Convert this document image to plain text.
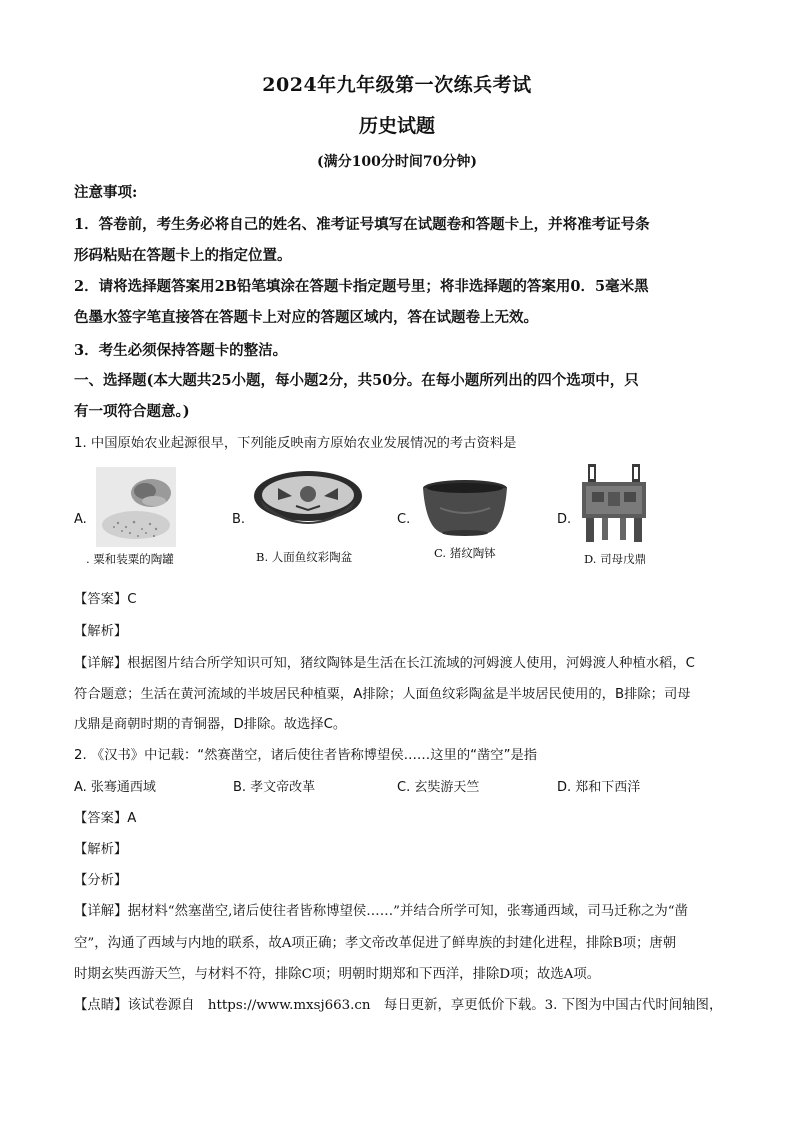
2024年九年级第一次练兵考试
历史试题
(满分100分时间70分钟)
注意事项:
1．答卷前，考生务必将自己的姓名、准考证号填写在试题卷和答题卡上，并将准考证号条
形码粘贴在答题卡上的指定位置。
2．请将选择题答案用2B铅笔填涂在答题卡指定题号里；将非选择题的答案用0．5毫米黑
色墨水签字笔直接答在答题卡上对应的答题区域内，答在试题卷上无效。
3．考生必须保持答题卡的整洁。
一、选择题(本大题共25小题，每小题2分，共50分。在每小题所列出的四个选项中，只
有一项符合题意。)
1. 中国原始农业起源很早，下列能反映南方原始农业发展情况的考古资料是
A.
. 粟和装粟的陶罐
B.
B. 人面鱼纹彩陶盆
C.
C. 猪纹陶钵
D.
D. 司母戊鼎
【答案】C
【解析】
【详解】根据图片结合所学知识可知，猪纹陶钵是生活在长江流域的河姆渡人使用，河姆渡人种植水稻，C
符合题意；生活在黄河流域的半坡居民种植粟，A排除；人面鱼纹彩陶盆是半坡居民使用的，B排除；司母
戊鼎是商朝时期的青铜器，D排除。故选择C。
2. 《汉书》中记载：“然赛凿空，诸后使往者皆称博望侯……这里的“凿空”是指
A. 张骞通西域	B. 孝文帝改革	C. 玄奘游天竺	D. 郑和下西洋
【答案】A
【解析】
【分析】
【详解】据材料“然塞凿空,诸后使往者皆称博望侯……”并结合所学可知，张骞通西域，司马迁称之为“凿
空”，沟通了西域与内地的联系，故A项正确；孝文帝改革促进了鲜卑族的封建化进程，排除B项；唐朝
时期玄奘西游天竺，与材料不符，排除C项；明朝时期郑和下西洋，排除D项；故选A项。
【点睛】该试卷源自　https://www.mxsj663.cn　每日更新，享更低价下载。3. 下图为中国古代时间轴图，
